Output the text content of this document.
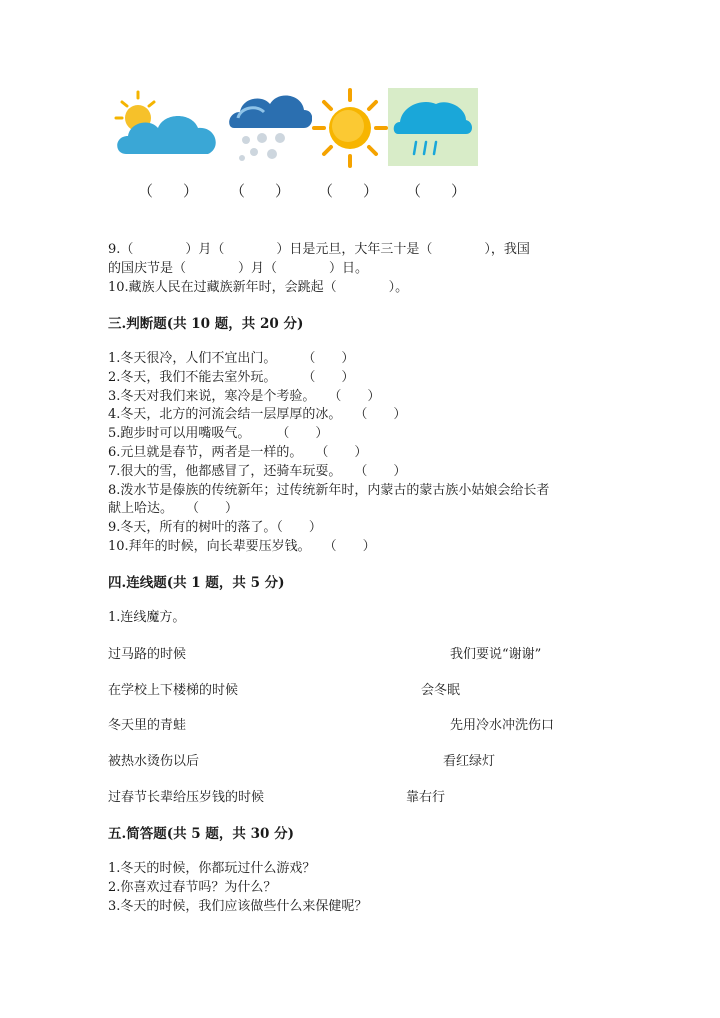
（　　） （　　） （　　） （　　）
9.（　　　　）月（　　　　）日是元旦，大年三十是（　　　　），我国
的国庆节是（　　　　）月（　　　　）日。
10.藏族人民在过藏族新年时，会跳起（　　　　）。
三.判断题(共 10 题，共 20 分)
1.冬天很冷，人们不宜出门。　　　（　　）
2.冬天，我们不能去室外玩。　　　（　　）
3.冬天对我们来说，寒冷是个考验。　　（　　）
4.冬天，北方的河流会结一层厚厚的冰。　　（　　）
5.跑步时可以用嘴吸气。　　　（　　）
6.元旦就是春节，两者是一样的。　　（　　）
7.很大的雪，他都感冒了，还骑车玩耍。　　（　　）
8.泼水节是傣族的传统新年；过传统新年时，内蒙古的蒙古族小姑娘会给长者
献上哈达。　　（　　）
9.冬天，所有的树叶的落了。（　　）
10.拜年的时候，向长辈要压岁钱。　　（　　）
四.连线题(共 1 题，共 5 分)
1.连线魔方。
过马路的时候	我们要说“谢谢”
在学校上下楼梯的时候	会冬眠
冬天里的青蛙	先用冷水冲洗伤口
被热水烫伤以后	看红绿灯
过春节长辈给压岁钱的时候	靠右行
五.简答题(共 5 题，共 30 分)
1.冬天的时候，你都玩过什么游戏？
2.你喜欢过春节吗？为什么？
3.冬天的时候，我们应该做些什么来保健呢？
